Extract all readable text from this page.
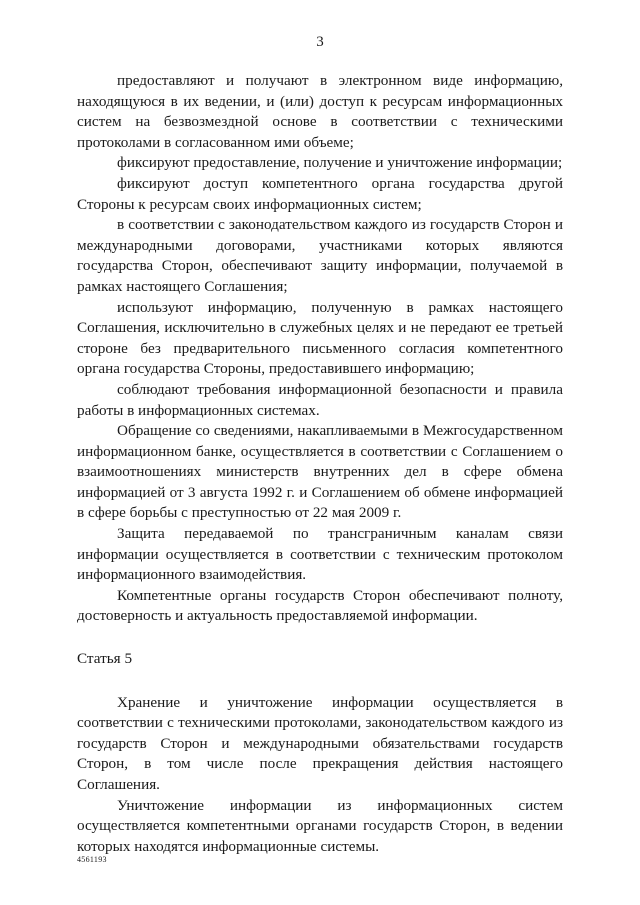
3

предоставляют и получают в электронном виде информацию, находящуюся в их ведении, и (или) доступ к ресурсам информационных систем на безвозмездной основе в соответствии с техническими протоколами в согласованном ими объеме;

фиксируют предоставление, получение и уничтожение информации;

фиксируют доступ компетентного органа государства другой Стороны к ресурсам своих информационных систем;

в соответствии с законодательством каждого из государств Сторон и международными договорами, участниками которых являются государства Сторон, обеспечивают защиту информации, получаемой в рамках настоящего Соглашения;

используют информацию, полученную в рамках настоящего Соглашения, исключительно в служебных целях и не передают ее третьей стороне без предварительного письменного согласия компетентного органа государства Стороны, предоставившего информацию;

соблюдают требования информационной безопасности и правила работы в информационных системах.

Обращение со сведениями, накапливаемыми в Межгосударственном информационном банке, осуществляется в соответствии с Соглашением о взаимоотношениях министерств внутренних дел в сфере обмена информацией от 3 августа 1992 г. и Соглашением об обмене информацией в сфере борьбы с преступностью от 22 мая 2009 г.

Защита передаваемой по трансграничным каналам связи информации осуществляется в соответствии с техническим протоколом информационного взаимодействия.

Компетентные органы государств Сторон обеспечивают полноту, достоверность и актуальность предоставляемой информации.

Статья 5

Хранение и уничтожение информации осуществляется в соответствии с техническими протоколами, законодательством каждого из государств Сторон и международными обязательствами государств Сторон, в том числе после прекращения действия настоящего Соглашения.

Уничтожение информации из информационных систем осуществляется компетентными органами государств Сторон, в ведении которых находятся информационные системы.

4561193
